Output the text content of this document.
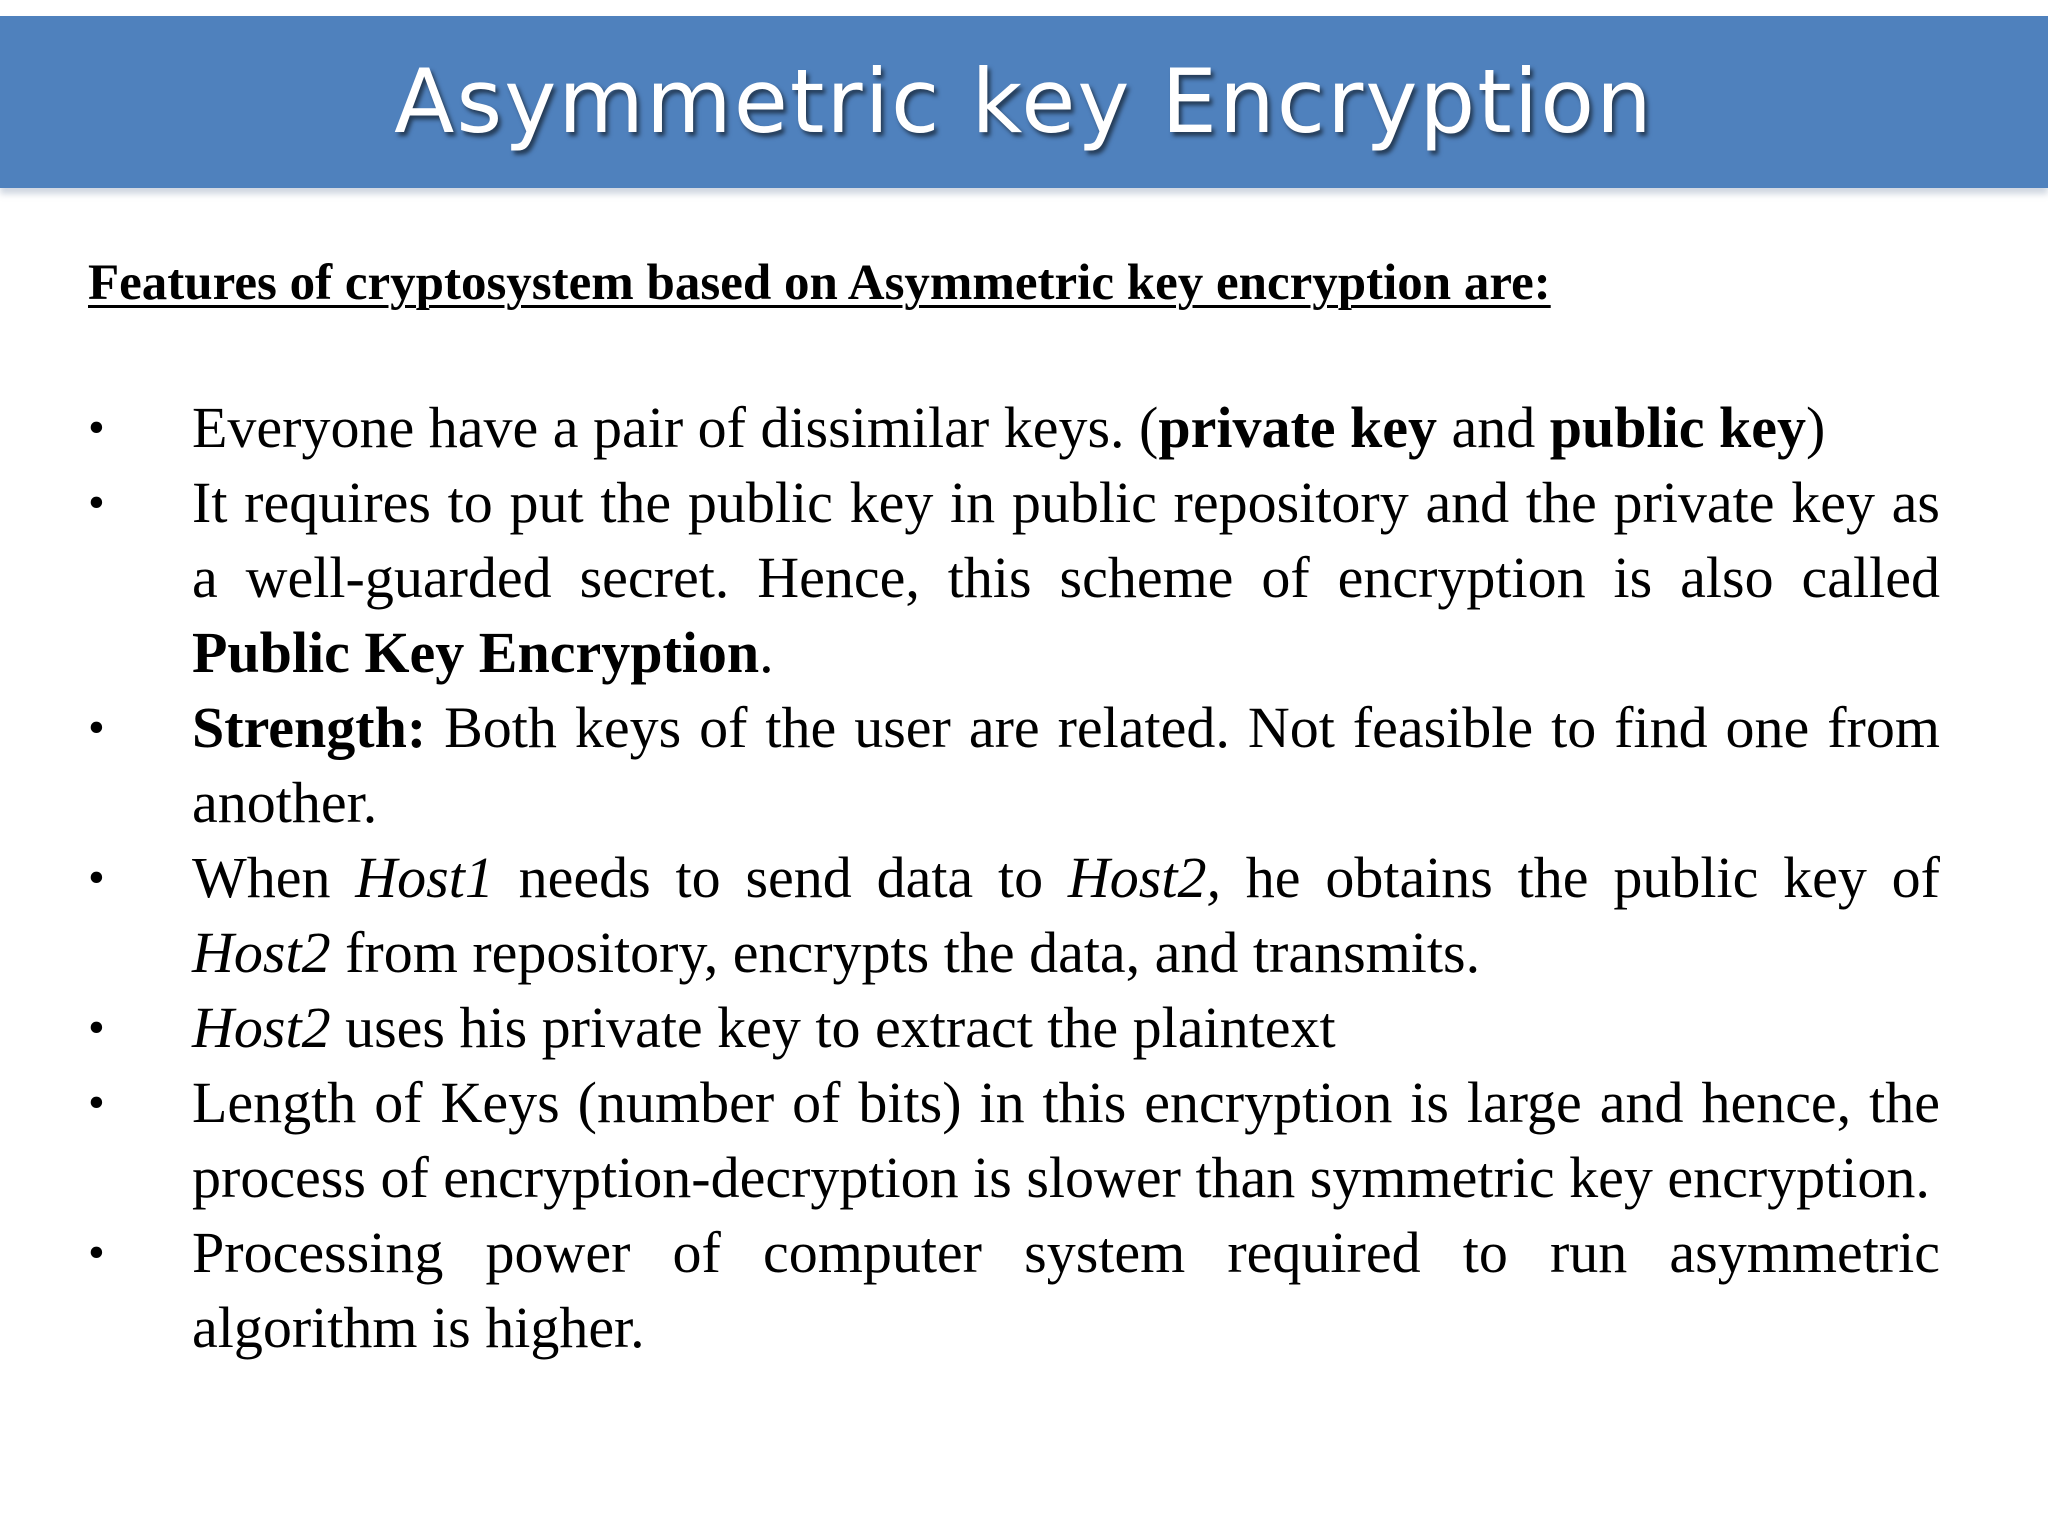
Asymmetric key Encryption
Features of cryptosystem based on Asymmetric key encryption are:
• Everyone have a pair of dissimilar keys. (private key and public key)
• It requires to put the public key in public repository and the private key as a well-guarded secret. Hence, this scheme of encryption is also called Public Key Encryption.
• Strength: Both keys of the user are related. Not feasible to find one from another.
• When Host1 needs to send data to Host2, he obtains the public key of Host2 from repository, encrypts the data, and transmits.
• Host2 uses his private key to extract the plaintext
• Length of Keys (number of bits) in this encryption is large and hence, the process of encryption-decryption is slower than symmetric key encryption.
• Processing power of computer system required to run asymmetric algorithm is higher.
